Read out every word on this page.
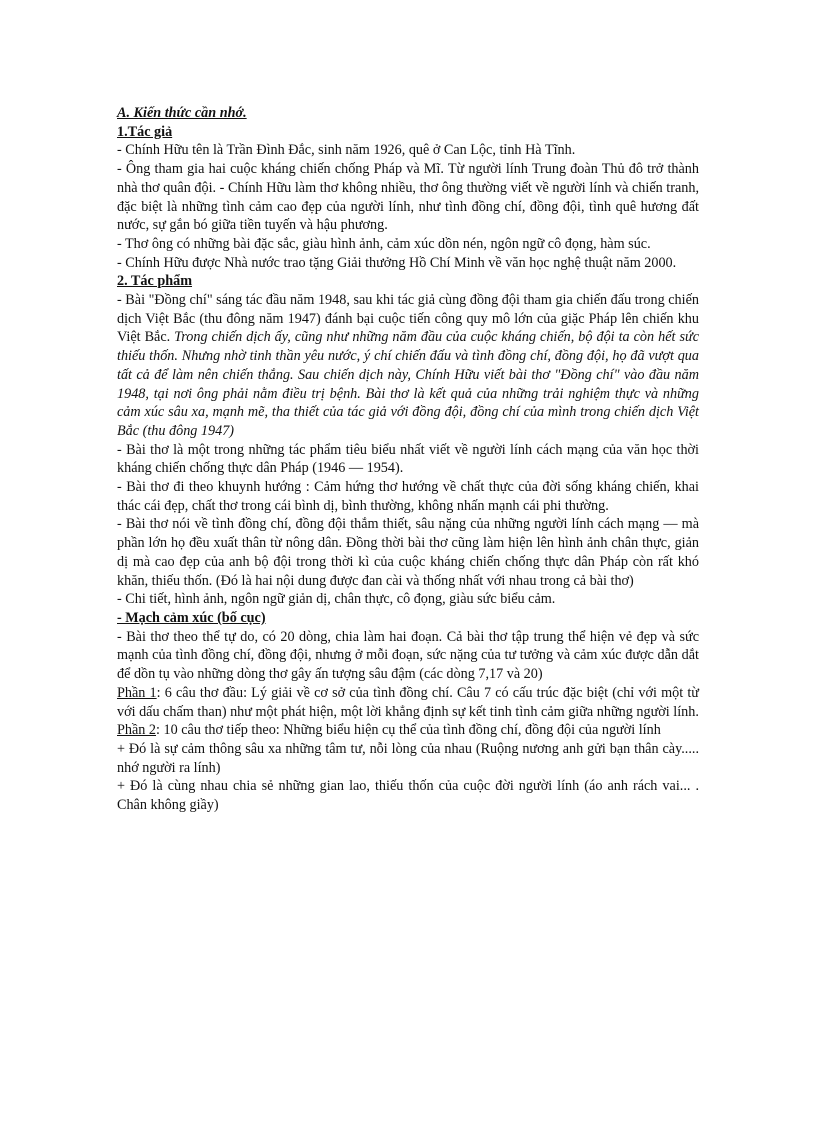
A. Kiến thức cần nhớ.

1.Tác giả

- Chính Hữu tên là Trần Đình Đắc, sinh năm 1926, quê ở Can Lộc, tỉnh Hà Tĩnh.

- Ông tham gia hai cuộc kháng chiến chống Pháp và Mĩ. Từ người lính Trung đoàn Thủ đô trở thành nhà thơ quân đội. - Chính Hữu làm thơ không nhiều, thơ ông thường viết về người lính và chiến tranh, đặc biệt là những tình cảm cao đẹp của người lính, như tình đồng chí, đồng đội, tình quê hương đất nước, sự gắn bó giữa tiền tuyến và hậu phương.

- Thơ ông có những bài đặc sắc, giàu hình ảnh, cảm xúc dồn nén, ngôn ngữ cô đọng, hàm súc.

- Chính Hữu được Nhà nước trao tặng Giải thưởng Hồ Chí Minh về văn học nghệ thuật năm 2000.

2. Tác phẩm

- Bài "Đồng chí" sáng tác đầu năm 1948, sau khi tác giả cùng đồng đội tham gia chiến đấu trong chiến dịch Việt Bắc (thu đông năm 1947) đánh bại cuộc tiến công quy mô lớn của giặc Pháp lên chiến khu Việt Bắc. Trong chiến dịch ấy, cũng như những năm đầu của cuộc kháng chiến, bộ đội ta còn hết sức thiếu thốn. Nhưng nhờ tinh thần yêu nước, ý chí chiến đấu và tình đồng chí, đồng đội, họ đã vượt qua tất cả để làm nên chiến thắng. Sau chiến dịch này, Chính Hữu viết bài thơ "Đồng chí" vào đầu năm 1948, tại nơi ông phải nằm điều trị bệnh. Bài thơ là kết quả của những trải nghiệm thực và những cảm xúc sâu xa, mạnh mẽ, tha thiết của tác giả với đồng đội, đồng chí của mình trong chiến dịch Việt Bắc (thu đông 1947)

- Bài thơ là một trong những tác phẩm tiêu biểu nhất viết về người lính cách mạng của văn học thời kháng chiến chống thực dân Pháp (1946 — 1954).

- Bài thơ đi theo khuynh hướng : Cảm hứng thơ hướng về chất thực của đời sống kháng chiến, khai thác cái đẹp, chất thơ trong cái bình dị, bình thường, không nhấn mạnh cái phi thường.

- Bài thơ nói về tình đồng chí, đồng đội thắm thiết, sâu nặng của những người lính cách mạng — mà phần lớn họ đều xuất thân từ nông dân. Đồng thời bài thơ cũng làm hiện lên hình ảnh chân thực, giản dị mà cao đẹp của anh bộ đội trong thời kì của cuộc kháng chiến chống thực dân Pháp còn rất khó khăn, thiếu thốn. (Đó là hai nội dung được đan cài và thống nhất với nhau trong cả bài thơ)

- Chi tiết, hình ảnh, ngôn ngữ giản dị, chân thực, cô đọng, giàu sức biểu cảm.

- Mạch cảm xúc (bố cục)

- Bài thơ theo thể tự do, có 20 dòng, chia làm hai đoạn. Cả bài thơ tập trung thể hiện vẻ đẹp và sức mạnh của tình đồng chí, đồng đội, nhưng ở mỗi đoạn, sức nặng của tư tưởng và cảm xúc được dẫn dắt để dồn tụ vào những dòng thơ gây ấn tượng sâu đậm (các dòng 7,17 và 20)

Phần 1: 6 câu thơ đầu: Lý giải về cơ sở của tình đồng chí. Câu 7 có cấu trúc đặc biệt (chỉ với một từ với dấu chấm than) như một phát hiện, một lời khẳng định sự kết tinh tình cảm giữa những người lính.

Phần 2: 10 câu thơ tiếp theo: Những biểu hiện cụ thể của tình đồng chí, đồng đội của người lính

+ Đó là sự cảm thông sâu xa những tâm tư, nỗi lòng của nhau (Ruộng nương anh gửi bạn thân cày..... nhớ người ra lính)

+ Đó là cùng nhau chia sẻ những gian lao, thiếu thốn của cuộc đời người lính (áo anh rách vai... . Chân không giầy)
